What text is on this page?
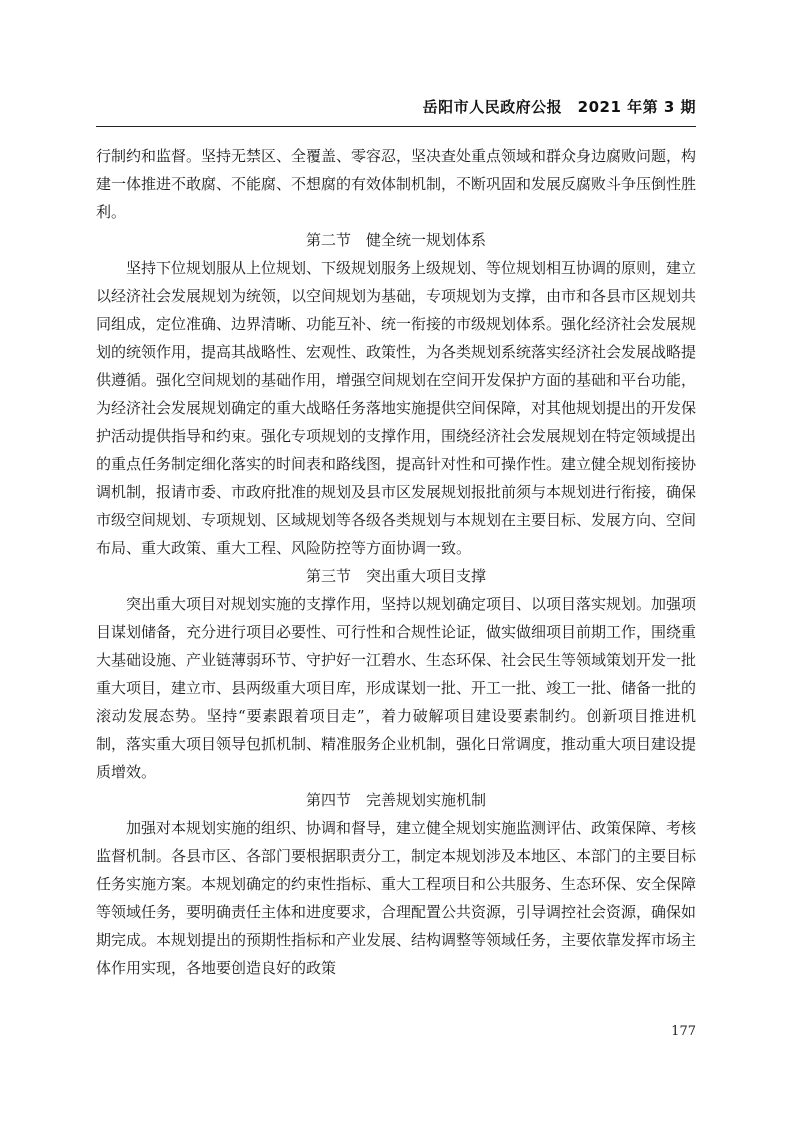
岳阳市人民政府公报　2021 年第 3 期

行制约和监督。坚持无禁区、全覆盖、零容忍，坚决查处重点领域和群众身边腐败问题，构建一体推进不敢腐、不能腐、不想腐的有效体制机制，不断巩固和发展反腐败斗争压倒性胜利。

第二节　健全统一规划体系

坚持下位规划服从上位规划、下级规划服务上级规划、等位规划相互协调的原则，建立以经济社会发展规划为统领，以空间规划为基础，专项规划为支撑，由市和各县市区规划共同组成，定位准确、边界清晰、功能互补、统一衔接的市级规划体系。强化经济社会发展规划的统领作用，提高其战略性、宏观性、政策性，为各类规划系统落实经济社会发展战略提供遵循。强化空间规划的基础作用，增强空间规划在空间开发保护方面的基础和平台功能，为经济社会发展规划确定的重大战略任务落地实施提供空间保障，对其他规划提出的开发保护活动提供指导和约束。强化专项规划的支撑作用，围绕经济社会发展规划在特定领域提出的重点任务制定细化落实的时间表和路线图，提高针对性和可操作性。建立健全规划衔接协调机制，报请市委、市政府批准的规划及县市区发展规划报批前须与本规划进行衔接，确保市级空间规划、专项规划、区域规划等各级各类规划与本规划在主要目标、发展方向、空间布局、重大政策、重大工程、风险防控等方面协调一致。

第三节　突出重大项目支撑

突出重大项目对规划实施的支撑作用，坚持以规划确定项目、以项目落实规划。加强项目谋划储备，充分进行项目必要性、可行性和合规性论证，做实做细项目前期工作，围绕重大基础设施、产业链薄弱环节、守护好一江碧水、生态环保、社会民生等领域策划开发一批重大项目，建立市、县两级重大项目库，形成谋划一批、开工一批、竣工一批、储备一批的滚动发展态势。坚持“要素跟着项目走”，着力破解项目建设要素制约。创新项目推进机制，落实重大项目领导包抓机制、精准服务企业机制，强化日常调度，推动重大项目建设提质增效。

第四节　完善规划实施机制

加强对本规划实施的组织、协调和督导，建立健全规划实施监测评估、政策保障、考核监督机制。各县市区、各部门要根据职责分工，制定本规划涉及本地区、本部门的主要目标任务实施方案。本规划确定的约束性指标、重大工程项目和公共服务、生态环保、安全保障等领域任务，要明确责任主体和进度要求，合理配置公共资源，引导调控社会资源，确保如期完成。本规划提出的预期性指标和产业发展、结构调整等领域任务，主要依靠发挥市场主体作用实现，各地要创造良好的政策

177
